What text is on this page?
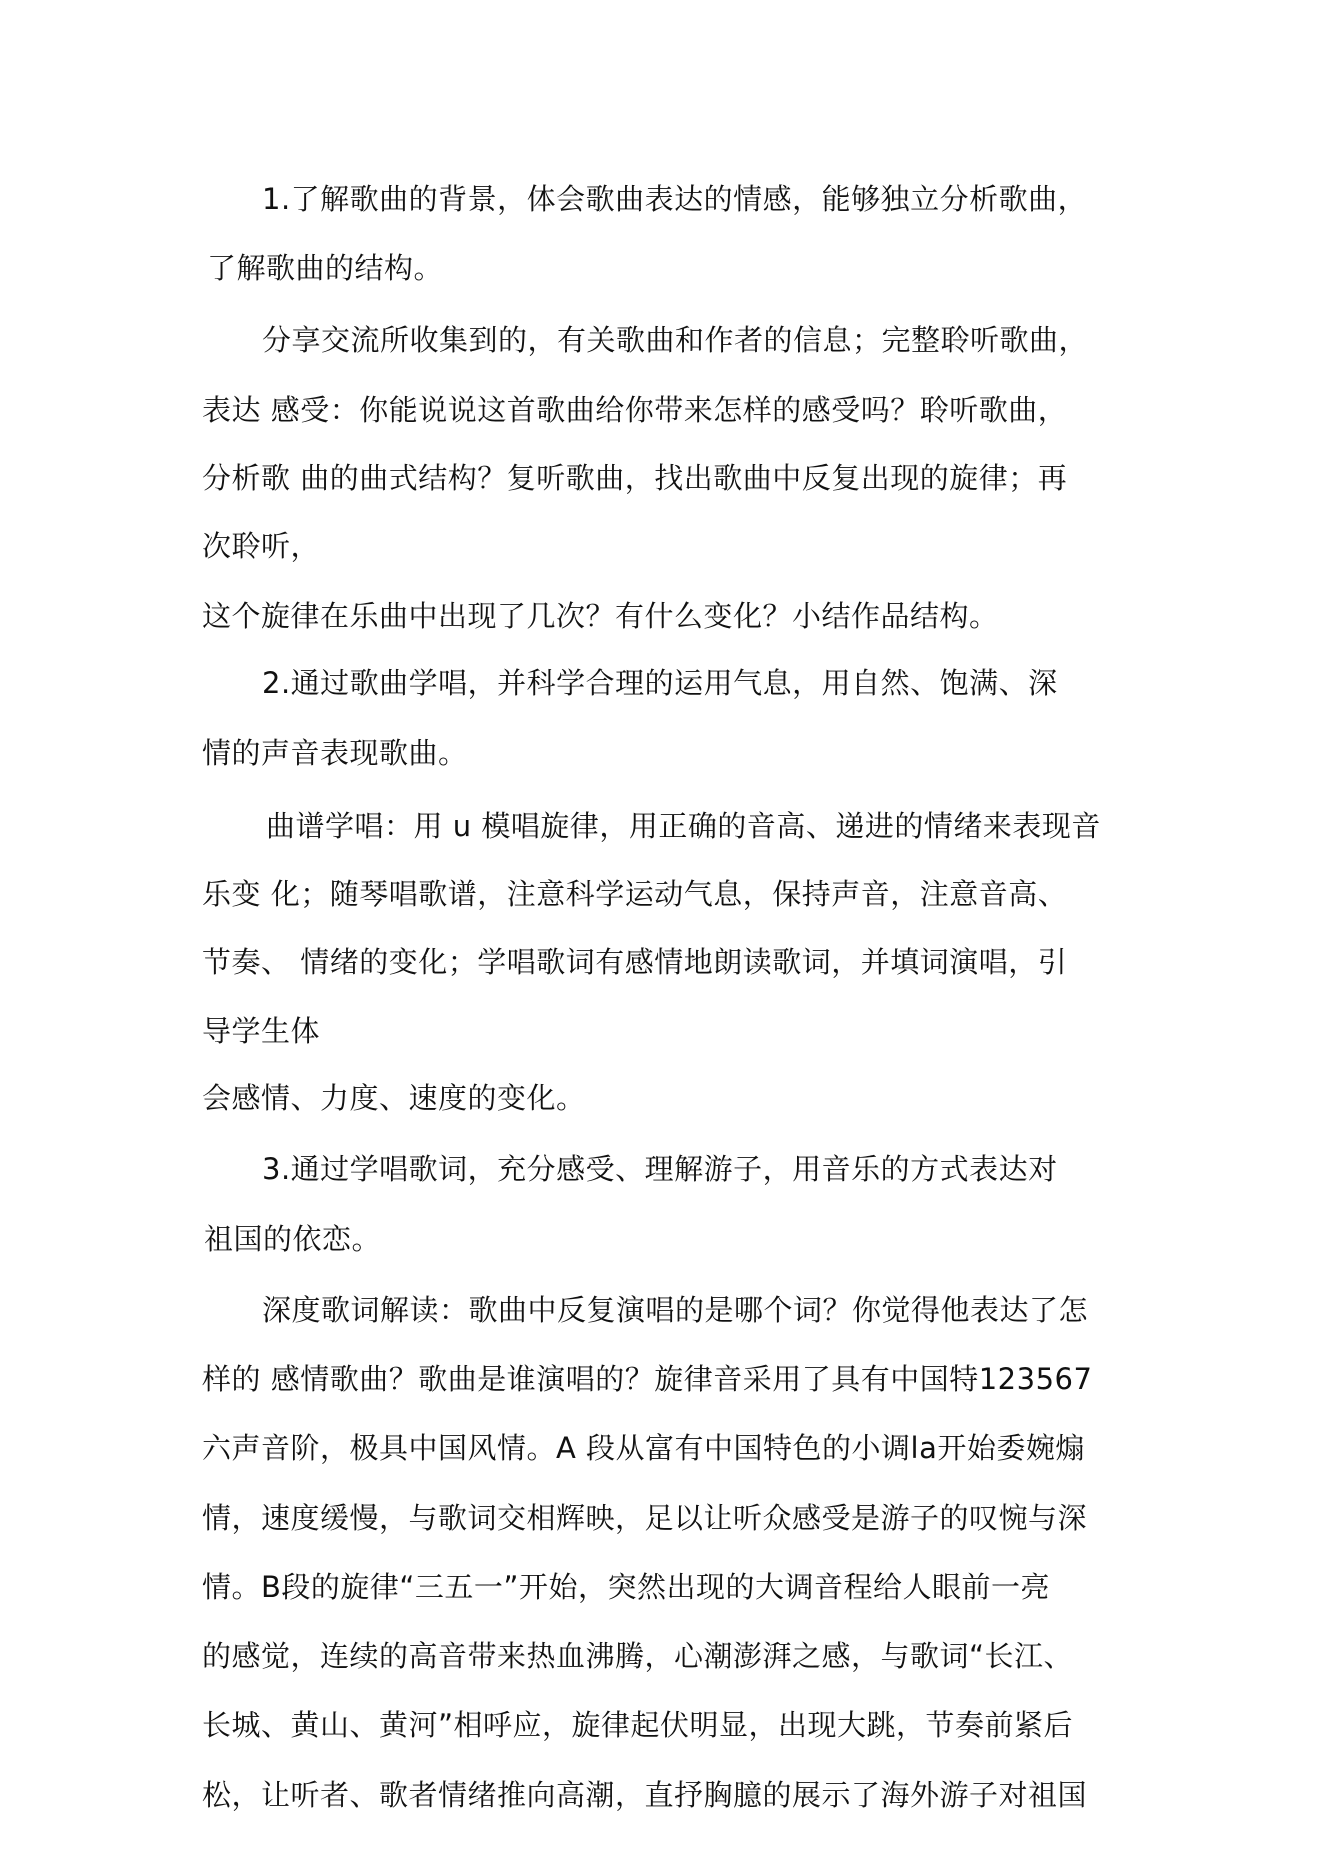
1.了解歌曲的背景，体会歌曲表达的情感，能够独立分析歌曲，
了解歌曲的结构。
分享交流所收集到的，有关歌曲和作者的信息；完整聆听歌曲，
表达 感受：你能说说这首歌曲给你带来怎样的感受吗？聆听歌曲，
分析歌 曲的曲式结构？复听歌曲，找出歌曲中反复出现的旋律；再
次聆听，
这个旋律在乐曲中出现了几次？有什么变化？小结作品结构。
2.通过歌曲学唱，并科学合理的运用气息，用自然、饱满、深
情的声音表现歌曲。
曲谱学唱：用 u 模唱旋律，用正确的音高、递进的情绪来表现音
乐变 化；随琴唱歌谱，注意科学运动气息，保持声音，注意音高、
节奏、 情绪的变化；学唱歌词有感情地朗读歌词，并填词演唱，引
导学生体
会感情、力度、速度的变化。
3.通过学唱歌词，充分感受、理解游子，用音乐的方式表达对
祖国的依恋。
深度歌词解读：歌曲中反复演唱的是哪个词？你觉得他表达了怎
样的 感情歌曲？歌曲是谁演唱的？旋律音采用了具有中国特123567
六声音阶，极具中国风情。A 段从富有中国特色的小调la开始委婉煽
情，速度缓慢，与歌词交相辉映，足以让听众感受是游子的叹惋与深
情。B段的旋律“三五一”开始，突然出现的大调音程给人眼前一亮
的感觉，连续的高音带来热血沸腾，心潮澎湃之感，与歌词“长江、
长城、黄山、黄河”相呼应，旋律起伏明显，出现大跳，节奏前紧后
松，让听者、歌者情绪推向高潮，直抒胸臆的展示了海外游子对祖国
